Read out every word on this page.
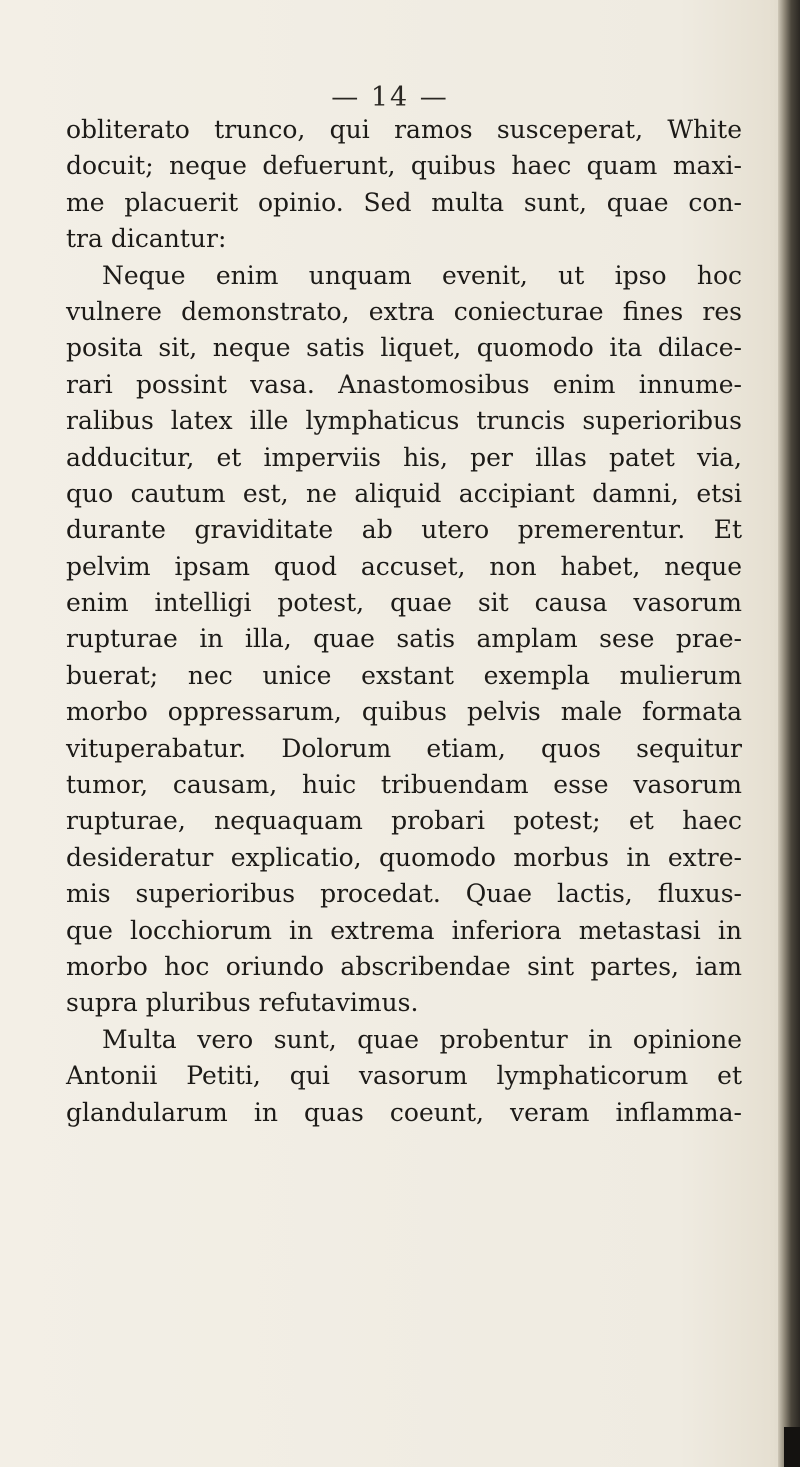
— 14 —
obliterato trunco, qui ramos susceperat, White
docuit; neque defuerunt, quibus haec quam maxi-
me placuerit opinio. Sed multa sunt, quae con-
tra dicantur:
Neque enim unquam evenit, ut ipso hoc
vulnere demonstrato, extra coniecturae fines res
posita sit, neque satis liquet, quomodo ita dilace-
rari possint vasa. Anastomosibus enim innume-
ralibus latex ille lymphaticus truncis superioribus
adducitur, et imperviis his, per illas patet via,
quo cautum est, ne aliquid accipiant damni, etsi
durante graviditate ab utero premerentur. Et
pelvim ipsam quod accuset, non habet, neque
enim intelligi potest, quae sit causa vasorum
rupturae in illa, quae satis amplam sese prae-
buerat; nec unice exstant exempla mulierum
morbo oppressarum, quibus pelvis male formata
vituperabatur. Dolorum etiam, quos sequitur
tumor, causam, huic tribuendam esse vasorum
rupturae, nequaquam probari potest; et haec
desideratur explicatio, quomodo morbus in extre-
mis superioribus procedat. Quae lactis, fluxus-
que locchiorum in extrema inferiora metastasi in
morbo hoc oriundo abscribendae sint partes, iam
supra pluribus refutavimus.
Multa vero sunt, quae probentur in opinione
Antonii Petiti, qui vasorum lymphaticorum et
glandularum in quas coeunt, veram inflamma-
